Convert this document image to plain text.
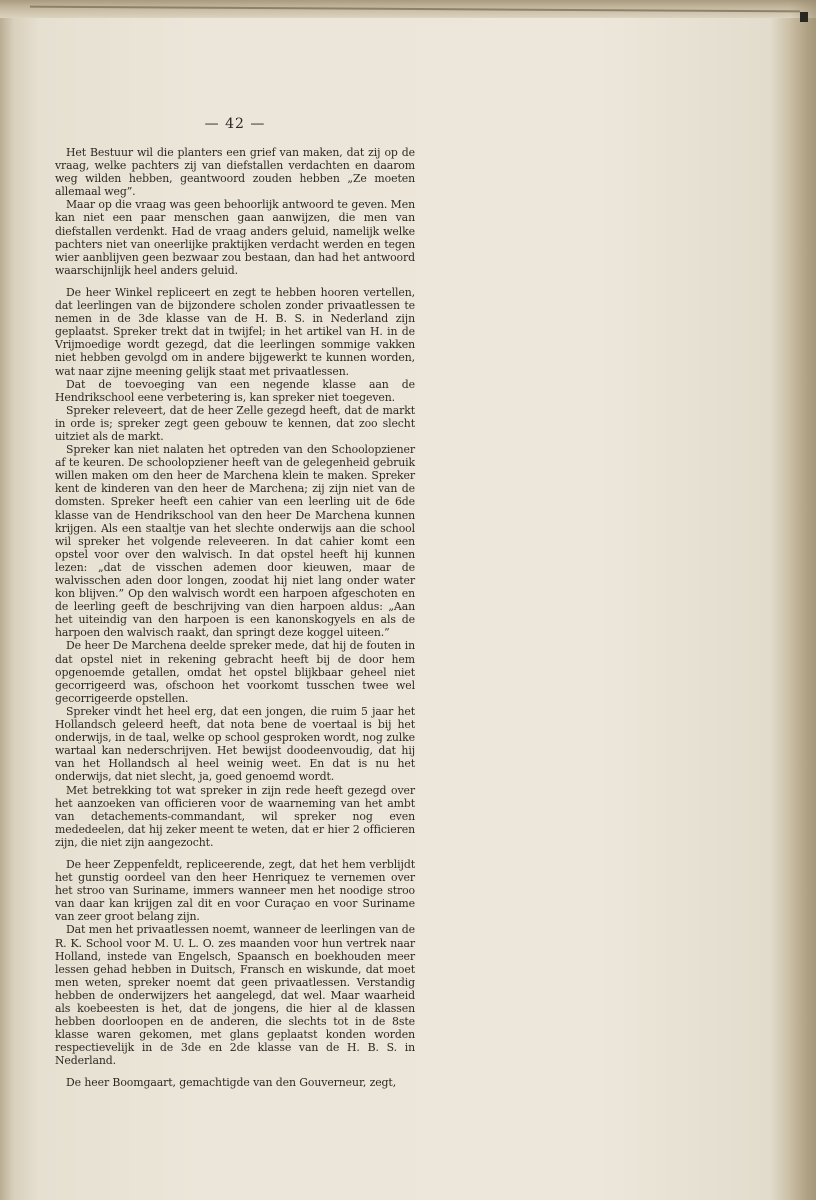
— 42 —

Het Bestuur wil die planters een grief van maken, dat zij op de vraag, welke pachters zij van diefstallen verdachten en daarom weg wilden hebben, geantwoord zouden hebben „Ze moeten allemaal weg”.

Maar op die vraag was geen behoorlijk antwoord te geven. Men kan niet een paar menschen gaan aanwijzen, die men van diefstallen verdenkt. Had de vraag anders geluid, namelijk welke pachters niet van oneerlijke praktijken verdacht werden en tegen wier aanblijven geen bezwaar zou bestaan, dan had het antwoord waarschijnlijk heel anders geluid.

De heer Winkel repliceert en zegt te hebben hooren vertellen, dat leerlingen van de bijzondere scholen zonder privaatlessen te nemen in de 3de klasse van de H. B. S. in Nederland zijn geplaatst. Spreker trekt dat in twijfel; in het artikel van H. in de Vrijmoedige wordt gezegd, dat die leerlingen sommige vakken niet hebben gevolgd om in andere bijgewerkt te kunnen worden, wat naar zijne meening gelijk staat met privaatlessen.

Dat de toevoeging van een negende klasse aan de Hendrikschool eene verbetering is, kan spreker niet toegeven.

Spreker releveert, dat de heer Zelle gezegd heeft, dat de markt in orde is; spreker zegt geen gebouw te kennen, dat zoo slecht uitziet als de markt.

Spreker kan niet nalaten het optreden van den Schoolopziener af te keuren. De schoolopziener heeft van de gelegenheid gebruik willen maken om den heer de Marchena klein te maken. Spreker kent de kinderen van den heer de Marchena; zij zijn niet van de domsten. Spreker heeft een cahier van een leerling uit de 6de klasse van de Hendrikschool van den heer De Marchena kunnen krijgen. Als een staaltje van het slechte onderwijs aan die school wil spreker het volgende releveeren. In dat cahier komt een opstel voor over den walvisch. In dat opstel heeft hij kunnen lezen: „dat de visschen ademen door kieuwen, maar de walvisschen aden door longen, zoodat hij niet lang onder water kon blijven.” Op den walvisch wordt een harpoen afgeschoten en de leerling geeft de beschrijving van dien harpoen aldus: „Aan het uiteindig van den harpoen is een kanonskogyels en als de harpoen den walvisch raakt, dan springt deze koggel uiteen.”

De heer De Marchena deelde spreker mede, dat hij de fouten in dat opstel niet in rekening gebracht heeft bij de door hem opgenoemde getallen, omdat het opstel blijkbaar geheel niet gecorrigeerd was, ofschoon het voorkomt tusschen twee wel gecorrigeerde opstellen.

Spreker vindt het heel erg, dat een jongen, die ruim 5 jaar het Hollandsch geleerd heeft, dat nota bene de voertaal is bij het onderwijs, in de taal, welke op school gesproken wordt, nog zulke wartaal kan nederschrijven. Het bewijst doodeenvoudig, dat hij van het Hollandsch al heel weinig weet. En dat is nu het onderwijs, dat niet slecht, ja, goed genoemd wordt.

Met betrekking tot wat spreker in zijn rede heeft gezegd over het aanzoeken van officieren voor de waarneming van het ambt van detachements-commandant, wil spreker nog even mededeelen, dat hij zeker meent te weten, dat er hier 2 officieren zijn, die niet zijn aangezocht.

De heer Zeppenfeldt, repliceerende, zegt, dat het hem verblijdt het gunstig oordeel van den heer Henriquez te vernemen over het stroo van Suriname, immers wanneer men het noodige stroo van daar kan krijgen zal dit en voor Curaçao en voor Suriname van zeer groot belang zijn.

Dat men het privaatlessen noemt, wanneer de leerlingen van de R. K. School voor M. U. L. O. zes maanden voor hun vertrek naar Holland, instede van Engelsch, Spaansch en boekhouden meer lessen gehad hebben in Duitsch, Fransch en wiskunde, dat moet men weten, spreker noemt dat geen privaatlessen. Verstandig hebben de onderwijzers het aangelegd, dat wel. Maar waarheid als koebeesten is het, dat de jongens, die hier al de klassen hebben doorloopen en de anderen, die slechts tot in de 8ste klasse waren gekomen, met glans geplaatst konden worden respectievelijk in de 3de en 2de klasse van de H. B. S. in Nederland.

De heer Boomgaart, gemachtigde van den Gouverneur, zegt,
